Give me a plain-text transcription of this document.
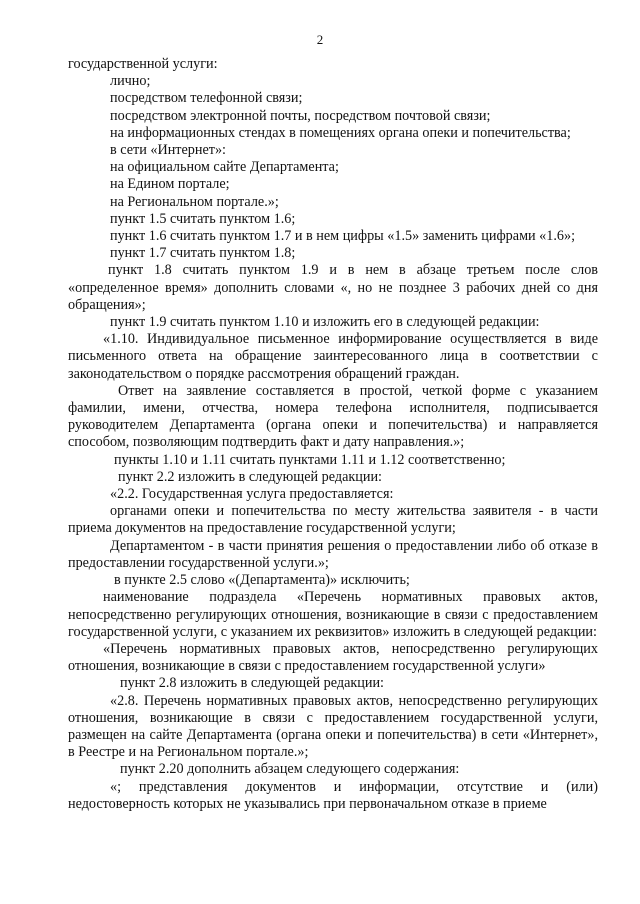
2

государственной услуги:

лично;

посредством телефонной связи;

посредством электронной почты, посредством почтовой связи;

на информационных стендах в помещениях органа опеки и попечительства;

в сети «Интернет»:

на официальном сайте Департамента;

на Едином портале;

на Региональном портале.»;

пункт 1.5 считать пунктом 1.6;

пункт 1.6 считать пунктом 1.7 и в нем цифры «1.5» заменить цифрами «1.6»;

пункт 1.7 считать пунктом 1.8;

пункт 1.8 считать пунктом 1.9 и в нем в абзаце третьем после слов «определенное время» дополнить словами «, но не позднее 3 рабочих дней со дня обращения»;

пункт 1.9 считать пунктом 1.10 и изложить его в следующей редакции:

«1.10. Индивидуальное письменное информирование осуществляется в виде письменного ответа на обращение заинтересованного лица в соответствии с законодательством о порядке рассмотрения обращений граждан.

Ответ на заявление составляется в простой, четкой форме с указанием фамилии, имени, отчества, номера телефона исполнителя, подписывается руководителем Департамента (органа опеки и попечительства) и направляется способом, позволяющим подтвердить факт и дату направления.»;

пункты 1.10 и 1.11 считать пунктами 1.11 и 1.12 соответственно;

пункт 2.2 изложить в следующей редакции:

«2.2. Государственная услуга предоставляется:

органами опеки и попечительства по месту жительства заявителя - в части приема документов на предоставление государственной услуги;

Департаментом - в части принятия решения о предоставлении либо об отказе в предоставлении государственной услуги.»;

в пункте 2.5 слово «(Департамента)» исключить;

наименование подраздела «Перечень нормативных правовых актов, непосредственно регулирующих отношения, возникающие в связи с предоставлением государственной услуги, с указанием их реквизитов» изложить в следующей редакции:

«Перечень нормативных правовых актов, непосредственно регулирующих отношения, возникающие в связи с предоставлением государственной услуги»

пункт 2.8 изложить в следующей редакции:

«2.8. Перечень нормативных правовых актов, непосредственно регулирующих отношения, возникающие в связи с предоставлением государственной услуги, размещен на сайте Департамента (органа опеки и попечительства) в сети «Интернет», в Реестре и на Региональном портале.»;

пункт 2.20 дополнить абзацем следующего содержания:

«; представления документов и информации, отсутствие и (или) недостоверность которых не указывались при первоначальном отказе в приеме
